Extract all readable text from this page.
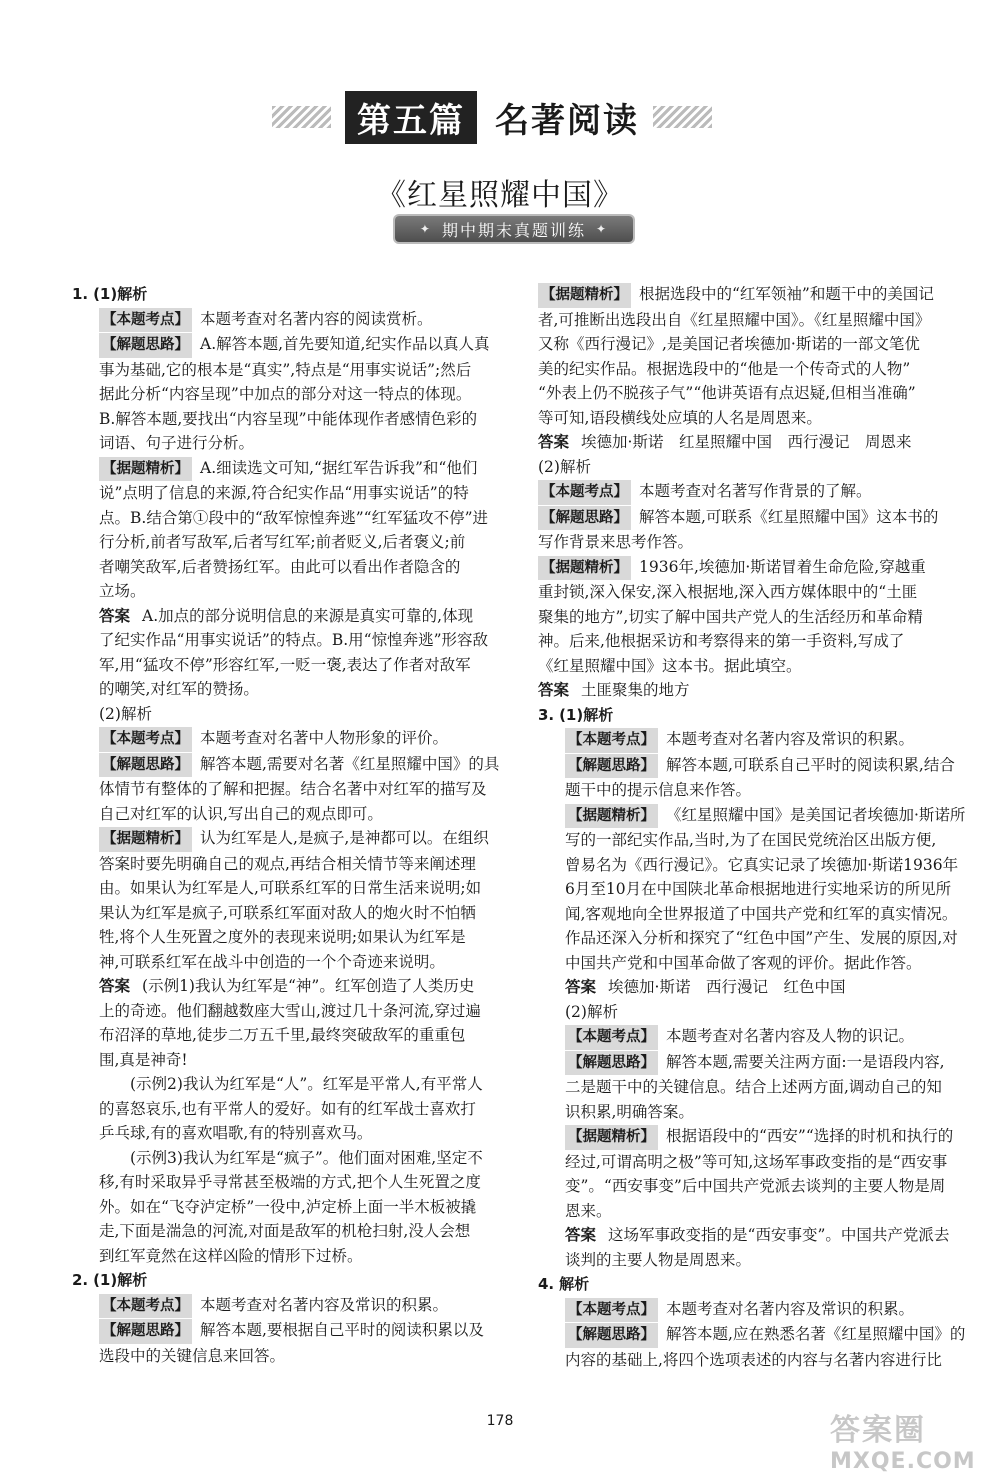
第五篇 名著阅读
《红星照耀中国》
✦ 期中期末真题训练 ✦
1. (1)解析
【本题考点】 本题考查对名著内容的阅读赏析。
【解题思路】 A.解答本题,首先要知道,纪实作品以真人真
事为基础,它的根本是“真实”,特点是“用事实说话”;然后
据此分析“内容呈现”中加点的部分对这一特点的体现。
B.解答本题,要找出“内容呈现”中能体现作者感情色彩的
词语、句子进行分析。
【据题精析】 A.细读选文可知,“据红军告诉我”和“他们
说”点明了信息的来源,符合纪实作品“用事实说话”的特
点。B.结合第①段中的“敌军惊惶奔逃”“红军猛攻不停”进
行分析,前者写敌军,后者写红军;前者贬义,后者褒义;前
者嘲笑敌军,后者赞扬红军。由此可以看出作者隐含的
立场。
答案 A.加点的部分说明信息的来源是真实可靠的,体现
了纪实作品“用事实说话”的特点。B.用“惊惶奔逃”形容敌
军,用“猛攻不停”形容红军,一贬一褒,表达了作者对敌军
的嘲笑,对红军的赞扬。
(2)解析
【本题考点】 本题考查对名著中人物形象的评价。
【解题思路】 解答本题,需要对名著《红星照耀中国》的具
体情节有整体的了解和把握。结合名著中对红军的描写及
自己对红军的认识,写出自己的观点即可。
【据题精析】 认为红军是人,是疯子,是神都可以。在组织
答案时要先明确自己的观点,再结合相关情节等来阐述理
由。如果认为红军是人,可联系红军的日常生活来说明;如
果认为红军是疯子,可联系红军面对敌人的炮火时不怕牺
牲,将个人生死置之度外的表现来说明;如果认为红军是
神,可联系红军在战斗中创造的一个个奇迹来说明。
答案 (示例1)我认为红军是“神”。红军创造了人类历史
上的奇迹。他们翻越数座大雪山,渡过几十条河流,穿过遍
布沼泽的草地,徒步二万五千里,最终突破敌军的重重包
围,真是神奇!
(示例2)我认为红军是“人”。红军是平常人,有平常人
的喜怒哀乐,也有平常人的爱好。如有的红军战士喜欢打
乒乓球,有的喜欢唱歌,有的特别喜欢马。
(示例3)我认为红军是“疯子”。他们面对困难,坚定不
移,有时采取异乎寻常甚至极端的方式,把个人生死置之度
外。如在“飞夺泸定桥”一役中,泸定桥上面一半木板被撬
走,下面是湍急的河流,对面是敌军的机枪扫射,没人会想
到红军竟然在这样凶险的情形下过桥。
2. (1)解析
【本题考点】 本题考查对名著内容及常识的积累。
【解题思路】 解答本题,要根据自己平时的阅读积累以及
选段中的关键信息来回答。
【据题精析】 根据选段中的“红军领袖”和题干中的美国记
者,可推断出选段出自《红星照耀中国》。《红星照耀中国》
又称《西行漫记》,是美国记者埃德加·斯诺的一部文笔优
美的纪实作品。根据选段中的“他是一个传奇式的人物”
“外表上仍不脱孩子气”“他讲英语有点迟疑,但相当准确”
等可知,语段横线处应填的人名是周恩来。
答案 埃德加·斯诺　红星照耀中国　西行漫记　周恩来
(2)解析
【本题考点】 本题考查对名著写作背景的了解。
【解题思路】 解答本题,可联系《红星照耀中国》这本书的
写作背景来思考作答。
【据题精析】 1936年,埃德加·斯诺冒着生命危险,穿越重
重封锁,深入保安,深入根据地,深入西方媒体眼中的“土匪
聚集的地方”,切实了解中国共产党人的生活经历和革命精
神。后来,他根据采访和考察得来的第一手资料,写成了
《红星照耀中国》这本书。据此填空。
答案 土匪聚集的地方
3. (1)解析
【本题考点】 本题考查对名著内容及常识的积累。
【解题思路】 解答本题,可联系自己平时的阅读积累,结合
题干中的提示信息来作答。
【据题精析】 《红星照耀中国》是美国记者埃德加·斯诺所
写的一部纪实作品,当时,为了在国民党统治区出版方便,
曾易名为《西行漫记》。它真实记录了埃德加·斯诺1936年
6月至10月在中国陕北革命根据地进行实地采访的所见所
闻,客观地向全世界报道了中国共产党和红军的真实情况。
作品还深入分析和探究了“红色中国”产生、发展的原因,对
中国共产党和中国革命做了客观的评价。据此作答。
答案 埃德加·斯诺　西行漫记　红色中国
(2)解析
【本题考点】 本题考查对名著内容及人物的识记。
【解题思路】 解答本题,需要关注两方面:一是语段内容,
二是题干中的关键信息。结合上述两方面,调动自己的知
识积累,明确答案。
【据题精析】 根据语段中的“西安”“选择的时机和执行的
经过,可谓高明之极”等可知,这场军事政变指的是“西安事
变”。“西安事变”后中国共产党派去谈判的主要人物是周
恩来。
答案 这场军事政变指的是“西安事变”。中国共产党派去
谈判的主要人物是周恩来。
4. 解析
【本题考点】 本题考查对名著内容及常识的积累。
【解题思路】 解答本题,应在熟悉名著《红星照耀中国》的
内容的基础上,将四个选项表述的内容与名著内容进行比
178	答案圈
MXQE.COM
